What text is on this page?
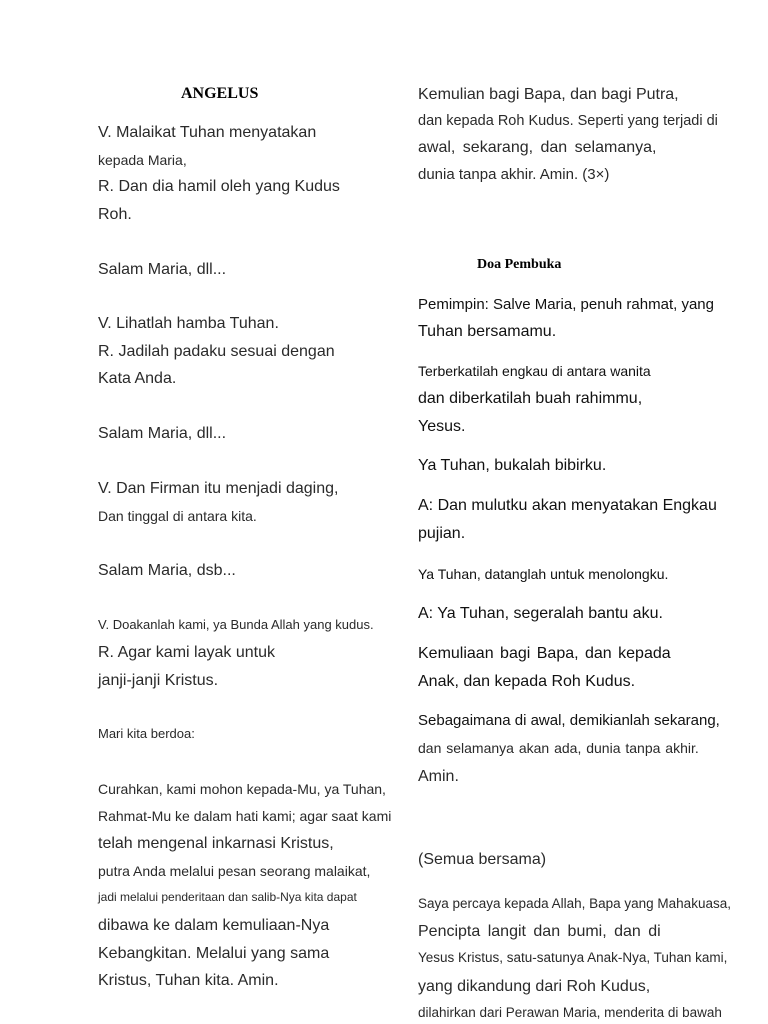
ANGELUS
V. Malaikat Tuhan menyatakan
kepada Maria,
R. Dan dia hamil oleh yang Kudus
Roh.
Salam Maria, dll...
V. Lihatlah hamba Tuhan.
R. Jadilah padaku sesuai dengan
Kata Anda.
Salam Maria, dll...
V. Dan Firman itu menjadi daging,
Dan tinggal di antara kita.
Salam Maria, dsb...
V. Doakanlah kami, ya Bunda Allah yang kudus.
R. Agar kami layak untuk
janji-janji Kristus.
Mari kita berdoa:
Curahkan, kami mohon kepada-Mu, ya Tuhan,
Rahmat-Mu ke dalam hati kami; agar saat kami
telah mengenal inkarnasi Kristus,
putra Anda melalui pesan seorang malaikat,
jadi melalui penderitaan dan salib-Nya kita dapat
dibawa ke dalam kemuliaan-Nya
Kebangkitan. Melalui yang sama
Kristus, Tuhan kita. Amin.
Kemulian bagi Bapa, dan bagi Putra,
dan kepada Roh Kudus. Seperti yang terjadi di
awal, sekarang, dan selamanya,
dunia tanpa akhir. Amin. (3×)
Doa Pembuka
Pemimpin: Salve Maria, penuh rahmat, yang
Tuhan bersamamu.
Terberkatilah engkau di antara wanita
dan diberkatilah buah rahimmu,
Yesus.
Ya Tuhan, bukalah bibirku.
A: Dan mulutku akan menyatakan Engkau
pujian.
Ya Tuhan, datanglah untuk menolongku.
A: Ya Tuhan, segeralah bantu aku.
Kemuliaan bagi Bapa, dan kepada
Anak, dan kepada Roh Kudus.
Sebagaimana di awal, demikianlah sekarang,
dan selamanya akan ada, dunia tanpa akhir.
Amin.
(Semua bersama)
Saya percaya kepada Allah, Bapa yang Mahakuasa,
Pencipta langit dan bumi, dan di
Yesus Kristus, satu-satunya Anak-Nya, Tuhan kami,
yang dikandung dari Roh Kudus,
dilahirkan dari Perawan Maria, menderita di bawah
